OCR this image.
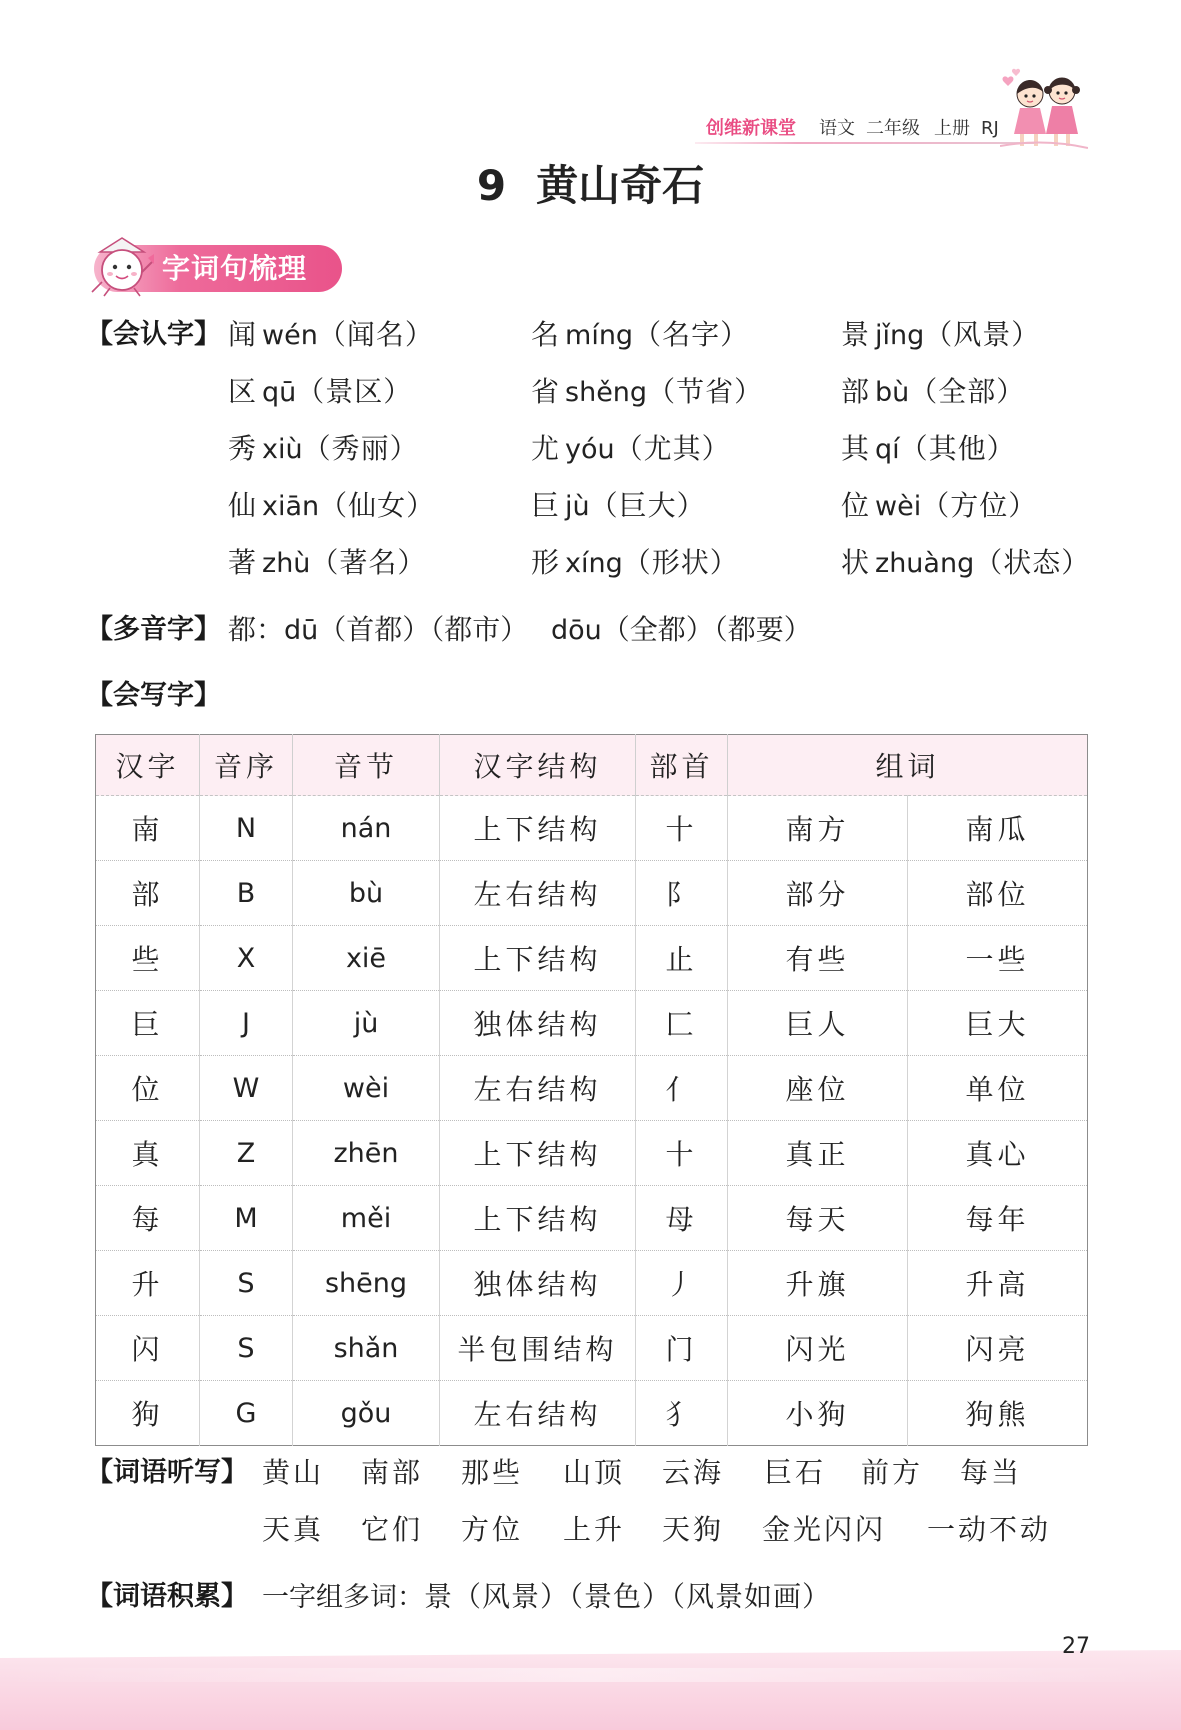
创维新课堂 语文 二年级 上册 RJ
9 黄山奇石
字词句梳理
【会认字】 闻 wén（闻名）	名 míng（名字）	景 jǐng（风景）
区 qū（景区）	省 shěng（节省）	部 bù（全部）
秀 xiù（秀丽）	尤 yóu（尤其）	其 qí（其他）
仙 xiān（仙女）	巨 jù（巨大）	位 wèi（方位）
著 zhù（著名）	形 xíng（形状）	状 zhuàng（状态）
【多音字】 都：dū（首都）（都市） dōu（全都）（都要）
【会写字】
汉字	音序	音节	汉字结构	部首	组词	
南	N	nán	上下结构	十	南方	南瓜
部	B	bù	左右结构	阝	部分	部位
些	X	xiē	上下结构	止	有些	一些
巨	J	jù	独体结构	匚	巨人	巨大
位	W	wèi	左右结构	亻	座位	单位
真	Z	zhēn	上下结构	十	真正	真心
每	M	měi	上下结构	母	每天	每年
升	S	shēng	独体结构	丿	升旗	升高
闪	S	shǎn	半包围结构	门	闪光	闪亮
狗	G	gǒu	左右结构	犭	小狗	狗熊
【词语听写】 黄山 南部 那些 山顶 云海 巨石 前方 每当
天真 它们 方位 上升 天狗 金光闪闪 一动不动
【词语积累】 一字组多词：景（风景）（景色）（风景如画）
27
